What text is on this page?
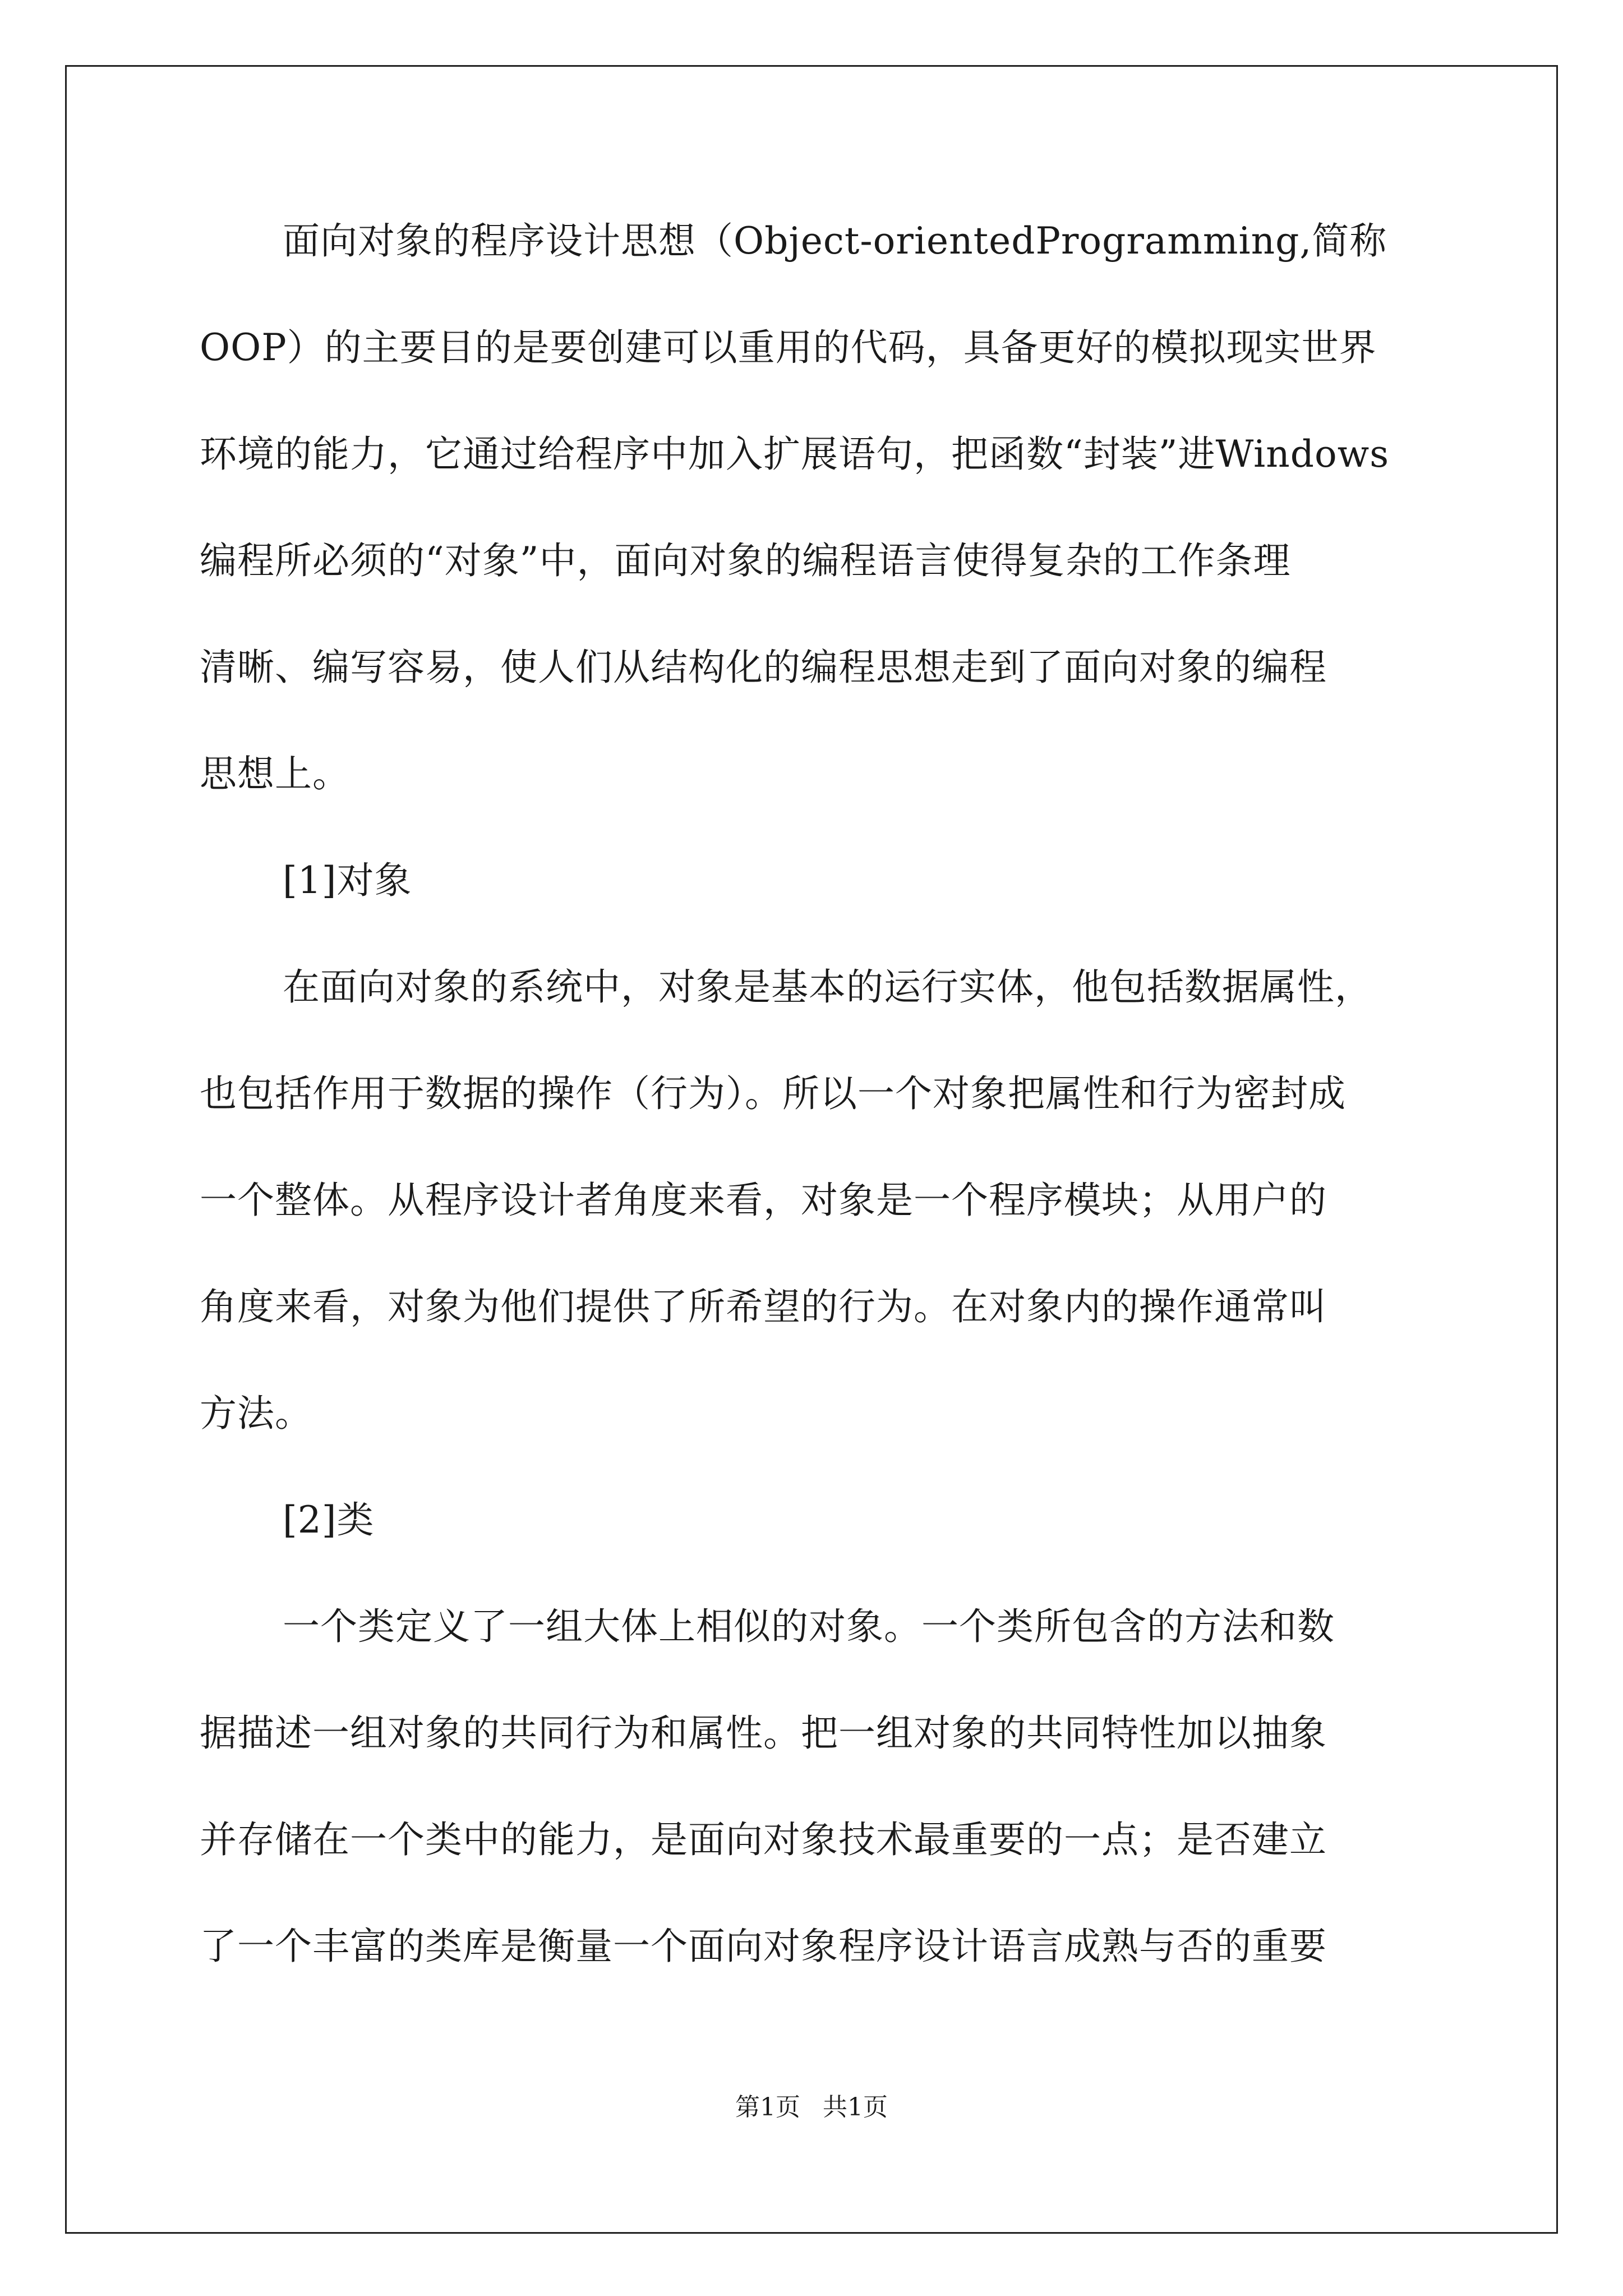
面向对象的程序设计思想（Object-orientedProgramming,简称
OOP）的主要目的是要创建可以重用的代码，具备更好的模拟现实世界
环境的能力，它通过给程序中加入扩展语句，把函数“封装”进Windows
编程所必须的“对象”中，面向对象的编程语言使得复杂的工作条理
清晰、编写容易，使人们从结构化的编程思想走到了面向对象的编程
思想上。
[1]对象
在面向对象的系统中，对象是基本的运行实体，他包括数据属性，
也包括作用于数据的操作（行为）。所以一个对象把属性和行为密封成
一个整体。从程序设计者角度来看，对象是一个程序模块；从用户的
角度来看，对象为他们提供了所希望的行为。在对象内的操作通常叫
方法。
[2]类
一个类定义了一组大体上相似的对象。一个类所包含的方法和数
据描述一组对象的共同行为和属性。把一组对象的共同特性加以抽象
并存储在一个类中的能力，是面向对象技术最重要的一点；是否建立
了一个丰富的类库是衡量一个面向对象程序设计语言成熟与否的重要
第1页 共1页
